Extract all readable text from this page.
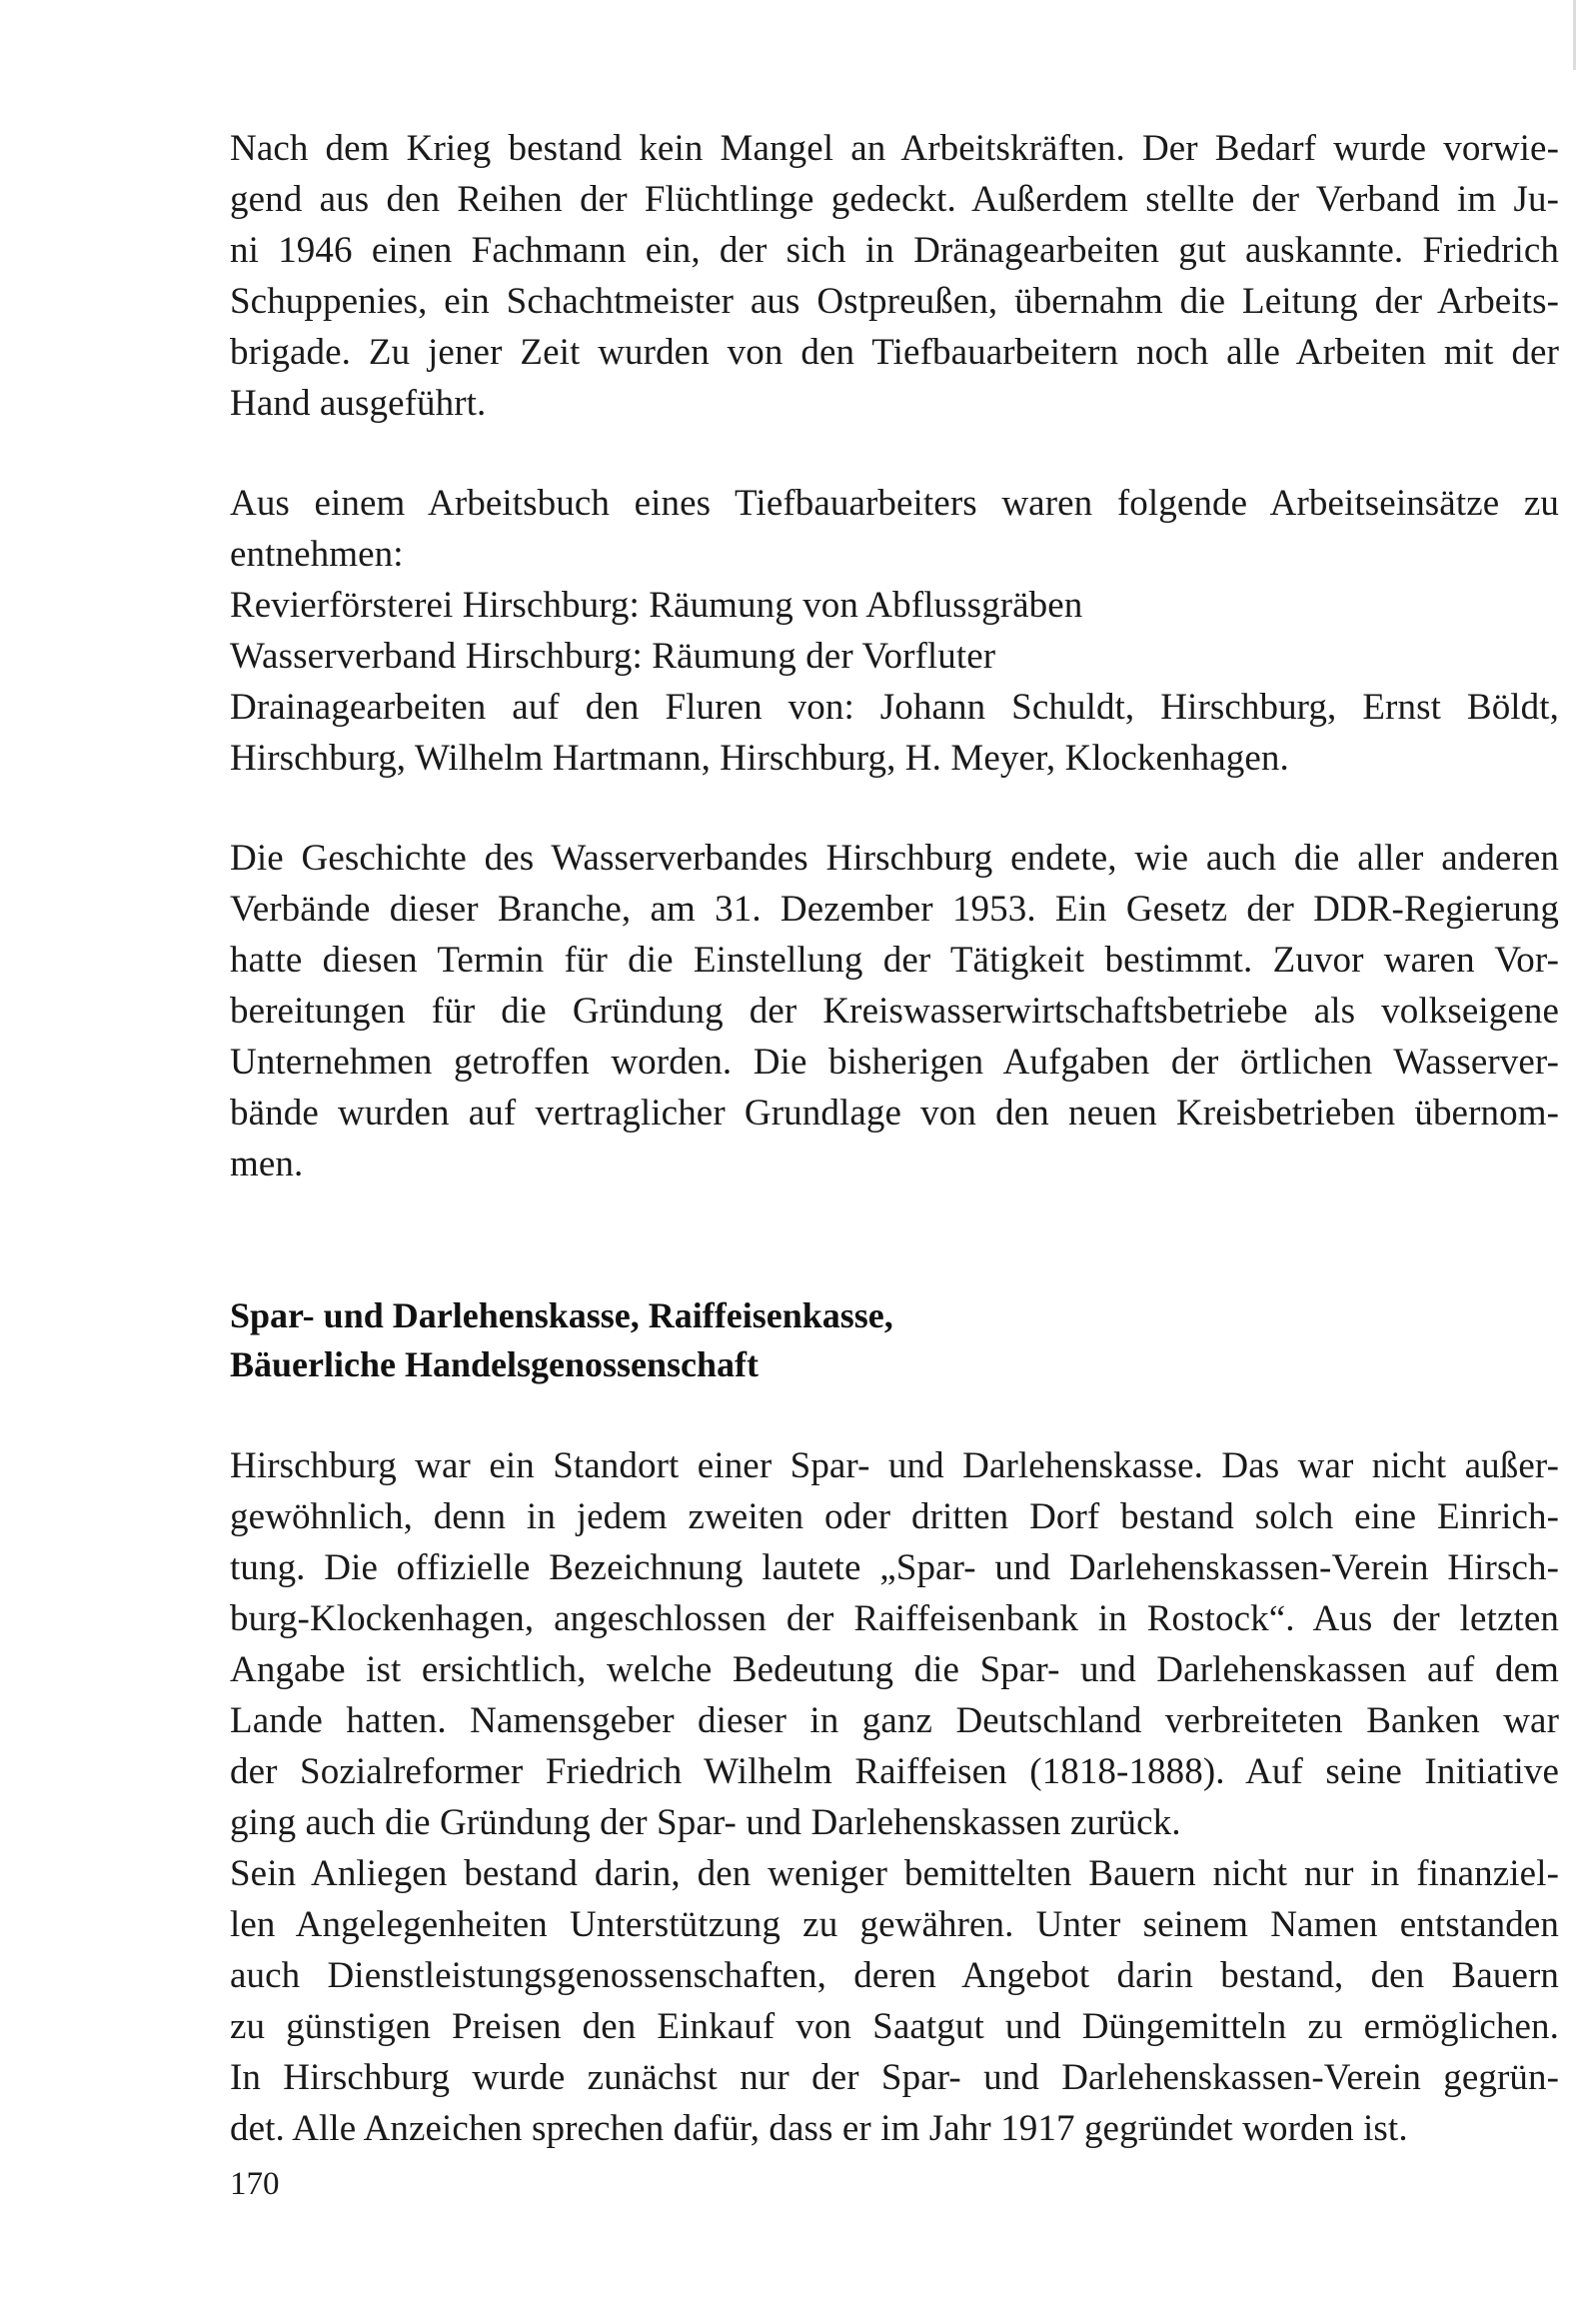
Nach dem Krieg bestand kein Mangel an Arbeitskräften. Der Bedarf wurde vorwie-
gend aus den Reihen der Flüchtlinge gedeckt. Außerdem stellte der Verband im Ju-
ni 1946 einen Fachmann ein, der sich in Dränagearbeiten gut auskannte. Friedrich
Schuppenies, ein Schachtmeister aus Ostpreußen, übernahm die Leitung der Arbeits-
brigade. Zu jener Zeit wurden von den Tiefbauarbeitern noch alle Arbeiten mit der
Hand ausgeführt.
Aus einem Arbeitsbuch eines Tiefbauarbeiters waren folgende Arbeitseinsätze zu
entnehmen:
Revierförsterei Hirschburg: Räumung von Abflussgräben
Wasserverband Hirschburg: Räumung der Vorfluter
Drainagearbeiten auf den Fluren von: Johann Schuldt, Hirschburg, Ernst Böldt,
Hirschburg, Wilhelm Hartmann, Hirschburg, H. Meyer, Klockenhagen.
Die Geschichte des Wasserverbandes Hirschburg endete, wie auch die aller anderen
Verbände dieser Branche, am 31. Dezember 1953. Ein Gesetz der DDR-Regierung
hatte diesen Termin für die Einstellung der Tätigkeit bestimmt. Zuvor waren Vor-
bereitungen für die Gründung der Kreiswasserwirtschaftsbetriebe als volkseigene
Unternehmen getroffen worden. Die bisherigen Aufgaben der örtlichen Wasserver-
bände wurden auf vertraglicher Grundlage von den neuen Kreisbetrieben übernom-
men.
Spar- und Darlehenskasse, Raiffeisenkasse,
Bäuerliche Handelsgenossenschaft
Hirschburg war ein Standort einer Spar- und Darlehenskasse. Das war nicht außer-
gewöhnlich, denn in jedem zweiten oder dritten Dorf bestand solch eine Einrich-
tung. Die offizielle Bezeichnung lautete „Spar- und Darlehenskassen-Verein Hirsch-
burg-Klockenhagen, angeschlossen der Raiffeisenbank in Rostock“. Aus der letzten
Angabe ist ersichtlich, welche Bedeutung die Spar- und Darlehenskassen auf dem
Lande hatten. Namensgeber dieser in ganz Deutschland verbreiteten Banken war
der Sozialreformer Friedrich Wilhelm Raiffeisen (1818-1888). Auf seine Initiative
ging auch die Gründung der Spar- und Darlehenskassen zurück.
Sein Anliegen bestand darin, den weniger bemittelten Bauern nicht nur in finanziel-
len Angelegenheiten Unterstützung zu gewähren. Unter seinem Namen entstanden
auch Dienstleistungsgenossenschaften, deren Angebot darin bestand, den Bauern
zu günstigen Preisen den Einkauf von Saatgut und Düngemitteln zu ermöglichen.
In Hirschburg wurde zunächst nur der Spar- und Darlehenskassen-Verein gegrün-
det. Alle Anzeichen sprechen dafür, dass er im Jahr 1917 gegründet worden ist.
170
